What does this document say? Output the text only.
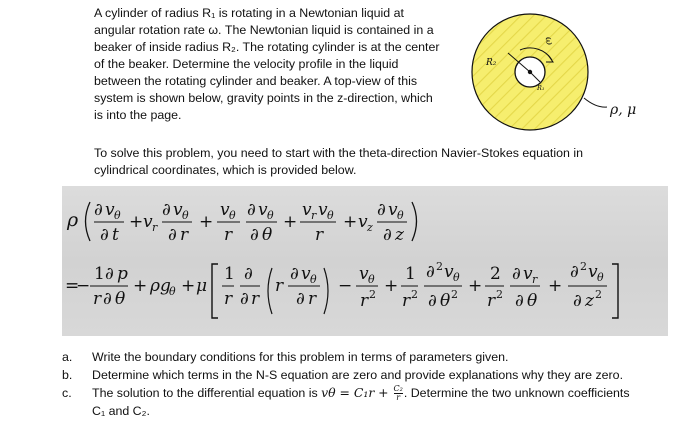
A cylinder of radius R₁ is rotating in a Newtonian liquid at

angular rotation rate ω. The Newtonian liquid is contained in a

beaker of inside radius R₂. The rotating cylinder is at the center

of the beaker. Determine the velocity profile in the liquid

between the rotating cylinder and beaker. A top-view of this

system is shown below, gravity points in the z-direction, which

is into the page.

R₂
R₁
ω
ρ, μ

To solve this problem, you need to start with the theta-direction Navier-Stokes equation in

cylindrical coordinates, which is provided below.

ρ ∂ v θ
∂ t
+ v r
∂ v θ
∂ r
+
v θ
r
∂ v θ
∂ θ
+
v r v θ
r
+ v z
∂ v θ
∂ z
=
−
1 ∂ p
r ∂ θ
+ ρ g
θ + μ
1
r
∂
∂ r
r
∂ v θ
∂ r
−
v θ
r 2 +
1
r 2
∂ 2 v θ
∂ θ 2 +
2
r 2
∂ v r
∂ θ
+
∂ 2 v θ
∂ z 2
a.	Write the boundary conditions for this problem in terms of parameters given.
b.	Determine which terms in the N-S equation are zero and provide explanations why they are zero.
c.	The solution to the differential equation is $v\theta = C_1r + \frac{\text{C₂}}{r}$ . Determine the two unknown coefficients
C₁ and C₂.
